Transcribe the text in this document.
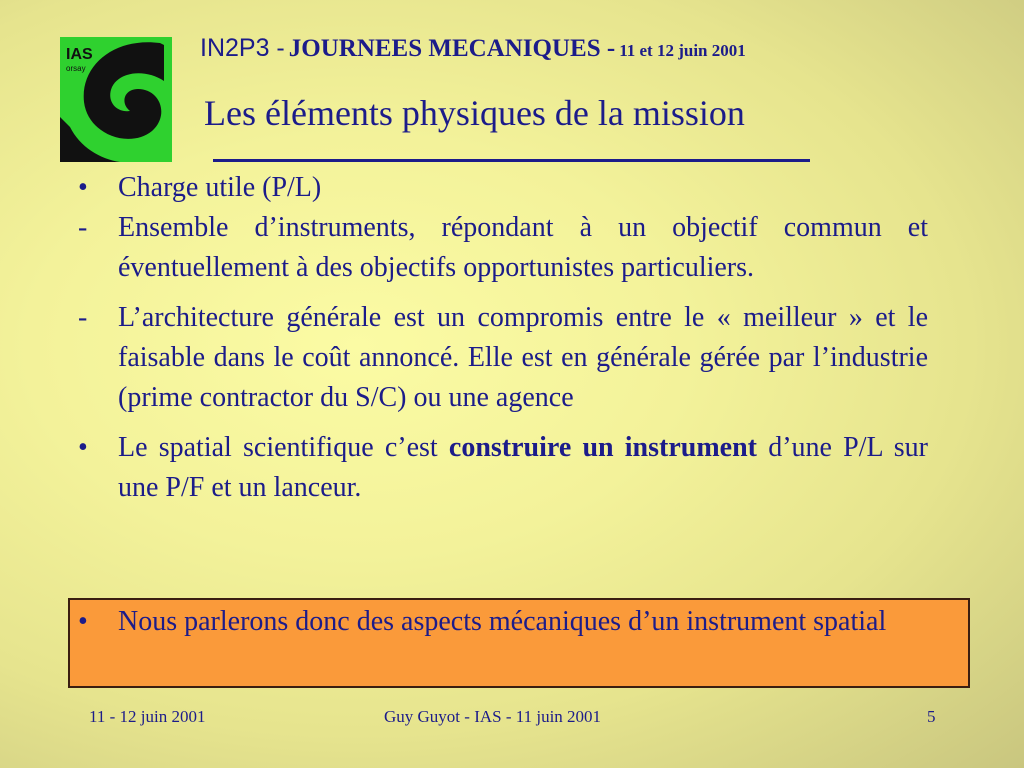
IAS
orsay
IN2P3 - JOURNEES MECANIQUES - 11 et 12 juin 2001
Les éléments physiques de la mission
•	Charge utile (P/L)
-	Ensemble d’instruments, répondant à un objectif commun et éventuellement à des objectifs opportunistes particuliers.
-	L’architecture générale est un compromis entre le « meilleur » et le faisable dans le coût annoncé. Elle est en générale gérée par l’industrie (prime contractor du S/C) ou une agence
•	Le spatial scientifique c’est construire un instrument d’une P/L sur une P/F et un lanceur.
•	Nous parlerons donc des aspects mécaniques d’un instrument spatial
11 - 12 juin 2001	Guy Guyot - IAS - 11 juin 2001	5
